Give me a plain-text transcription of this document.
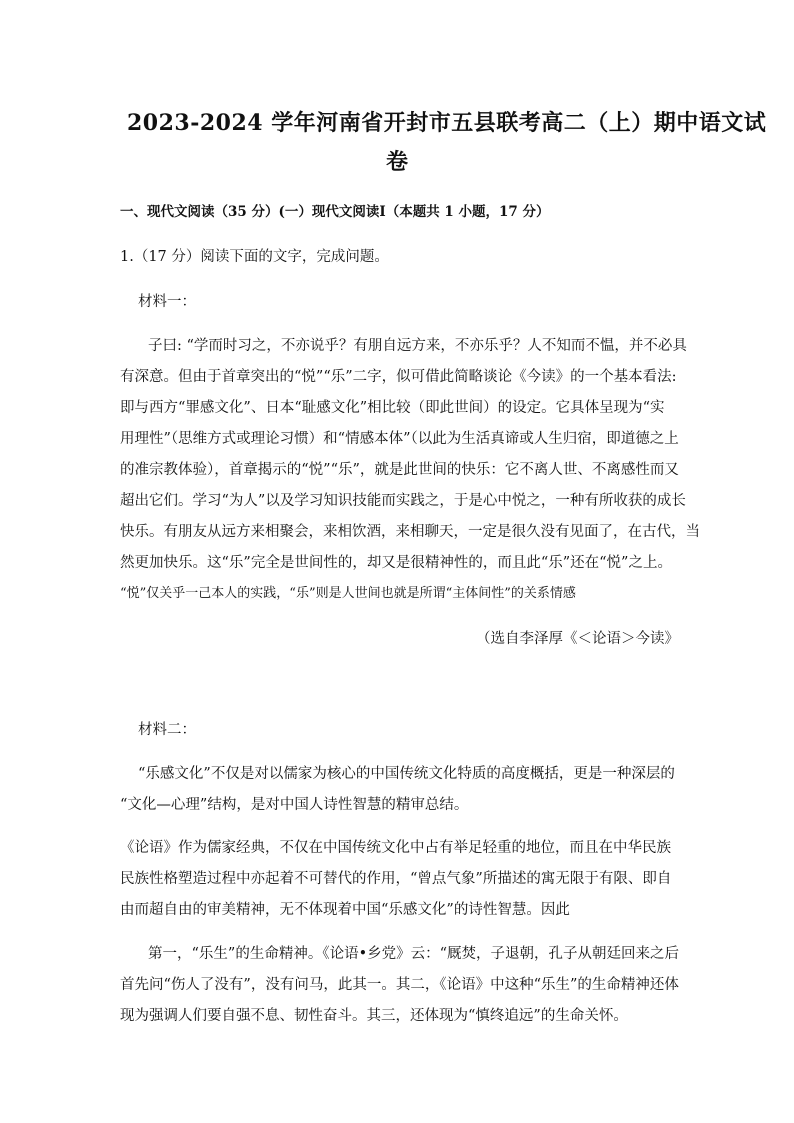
2023-2024 学年河南省开封市五县联考高二（上）期中语文试
卷
一、现代文阅读（35 分）(一）现代文阅读Ⅰ（本题共 1 小题，17 分）
1.（17 分）阅读下面的文字，完成问题。
材料一：
子曰: “学而时习之，不亦说乎？有朋自远方来，不亦乐乎？人不知而不愠，并不必具
有深意。但由于首章突出的“悦”“乐”二字，似可借此简略谈论《今读》的一个基本看法:
即与西方“罪感文化”、日本“耻感文化”相比较（即此世间）的设定。它具体呈现为“实
用理性”（思维方式或理论习惯）和“情感本体”（以此为生活真谛或人生归宿，即道德之上
的准宗教体验），首章揭示的“悦”“乐”，就是此世间的快乐：它不离人世、不离感性而又
超出它们。学习“为人”以及学习知识技能而实践之，于是心中悦之，一种有所收获的成长
快乐。有朋友从远方来相聚会，来相饮酒，来相聊天，一定是很久没有见面了，在古代，当
然更加快乐。这“乐”完全是世间性的，却又是很精神性的，而且此“乐”还在“悦”之上。
“悦”仅关乎一己本人的实践，“乐”则是人世间也就是所谓“主体间性”的关系情感
（选自李泽厚《＜论语＞今读》
材料二：
“乐感文化”不仅是对以儒家为核心的中国传统文化特质的高度概括，更是一种深层的
“文化—心理”结构，是对中国人诗性智慧的精审总结。
《论语》作为儒家经典，不仅在中国传统文化中占有举足轻重的地位，而且在中华民族
民族性格塑造过程中亦起着不可替代的作用，“曾点气象”所描述的寓无限于有限、即自
由而超自由的审美精神，无不体现着中国“乐感文化”的诗性智慧。因此
第一，“乐生”的生命精神。《论语•乡党》云：“厩焚，子退朝，孔子从朝廷回来之后
首先问“伤人了没有”，没有问马，此其一。其二，《论语》中这种“乐生”的生命精神还体
现为强调人们要自强不息、韧性奋斗。其三，还体现为“慎终追远”的生命关怀。
